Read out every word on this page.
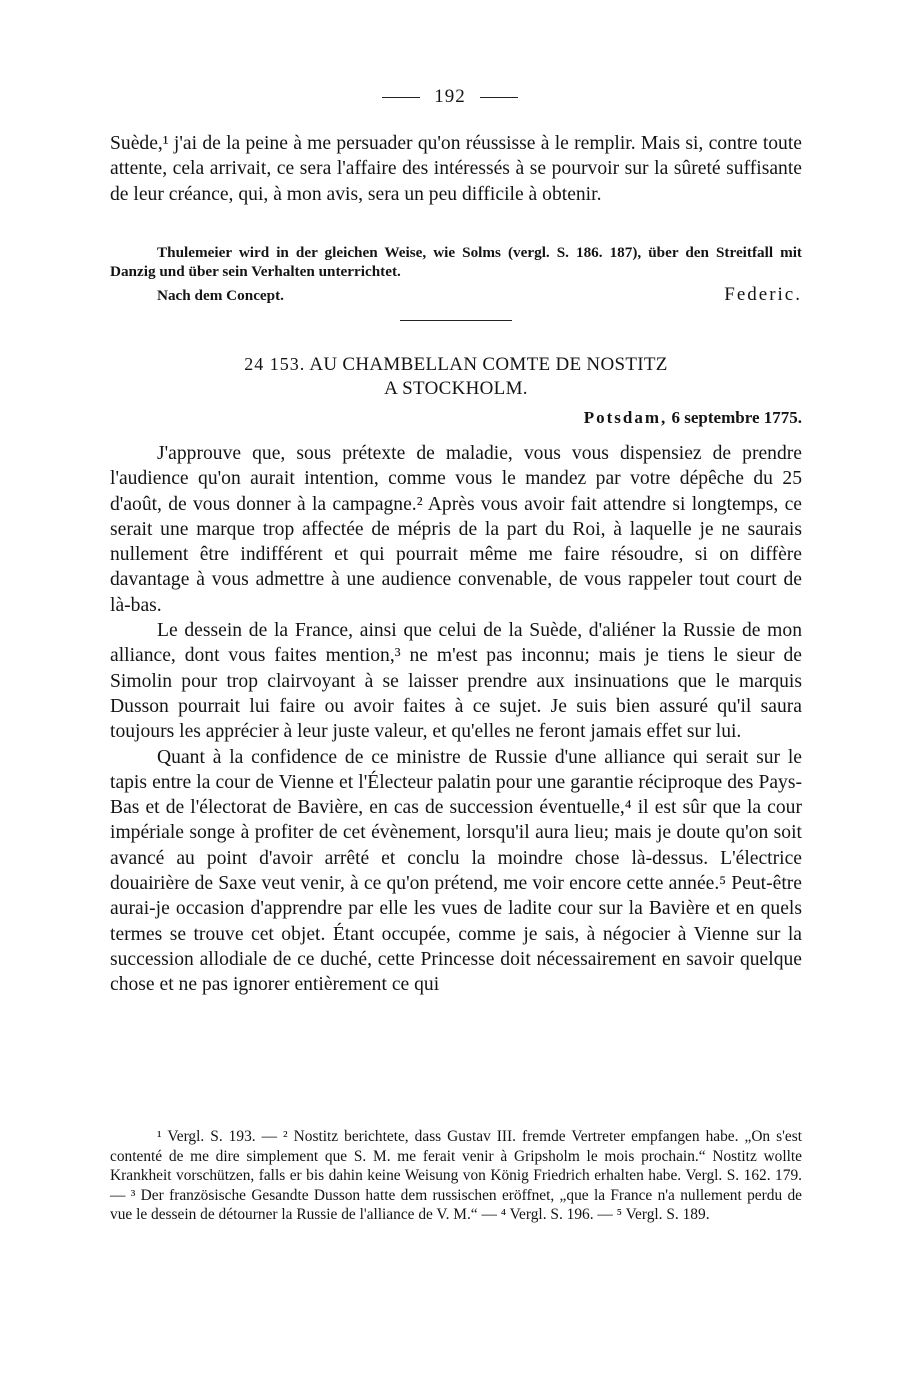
192

Suède,¹ j'ai de la peine à me persuader qu'on réussisse à le remplir. Mais si, contre toute attente, cela arrivait, ce sera l'affaire des intéressés à se pourvoir sur la sûreté suffisante de leur créance, qui, à mon avis, sera un peu difficile à obtenir.

Thulemeier wird in der gleichen Weise, wie Solms (vergl. S. 186. 187), über den Streitfall mit Danzig und über sein Verhalten unterrichtet.

Nach dem Concept.	Federic.
24 153. AU CHAMBELLAN COMTE DE NOSTITZ
A STOCKHOLM.
Potsdam, 6 septembre 1775.

J'approuve que, sous prétexte de maladie, vous vous dispensiez de prendre l'audience qu'on aurait intention, comme vous le mandez par votre dépêche du 25 d'août, de vous donner à la campagne.² Après vous avoir fait attendre si longtemps, ce serait une marque trop affectée de mépris de la part du Roi, à laquelle je ne saurais nullement être indifférent et qui pourrait même me faire résoudre, si on diffère davantage à vous admettre à une audience convenable, de vous rappeler tout court de là-bas.

Le dessein de la France, ainsi que celui de la Suède, d'aliéner la Russie de mon alliance, dont vous faites mention,³ ne m'est pas inconnu; mais je tiens le sieur de Simolin pour trop clairvoyant à se laisser prendre aux insinuations que le marquis Dusson pourrait lui faire ou avoir faites à ce sujet. Je suis bien assuré qu'il saura toujours les apprécier à leur juste valeur, et qu'elles ne feront jamais effet sur lui.

Quant à la confidence de ce ministre de Russie d'une alliance qui serait sur le tapis entre la cour de Vienne et l'Électeur palatin pour une garantie réciproque des Pays-Bas et de l'électorat de Bavière, en cas de succession éventuelle,⁴ il est sûr que la cour impériale songe à profiter de cet évènement, lorsqu'il aura lieu; mais je doute qu'on soit avancé au point d'avoir arrêté et conclu la moindre chose là-dessus. L'électrice douairière de Saxe veut venir, à ce qu'on prétend, me voir encore cette année.⁵ Peut-être aurai-je occasion d'apprendre par elle les vues de ladite cour sur la Bavière et en quels termes se trouve cet objet. Étant occupée, comme je sais, à négocier à Vienne sur la succession allodiale de ce duché, cette Princesse doit nécessairement en savoir quelque chose et ne pas ignorer entièrement ce qui

¹ Vergl. S. 193. — ² Nostitz berichtete, dass Gustav III. fremde Vertreter empfangen habe. „On s'est contenté de me dire simplement que S. M. me ferait venir à Gripsholm le mois prochain.“ Nostitz wollte Krankheit vorschützen, falls er bis dahin keine Weisung von König Friedrich erhalten habe. Vergl. S. 162. 179. — ³ Der französische Gesandte Dusson hatte dem russischen eröffnet, „que la France n'a nullement perdu de vue le dessein de détourner la Russie de l'alliance de V. M.“ — ⁴ Vergl. S. 196. — ⁵ Vergl. S. 189.
